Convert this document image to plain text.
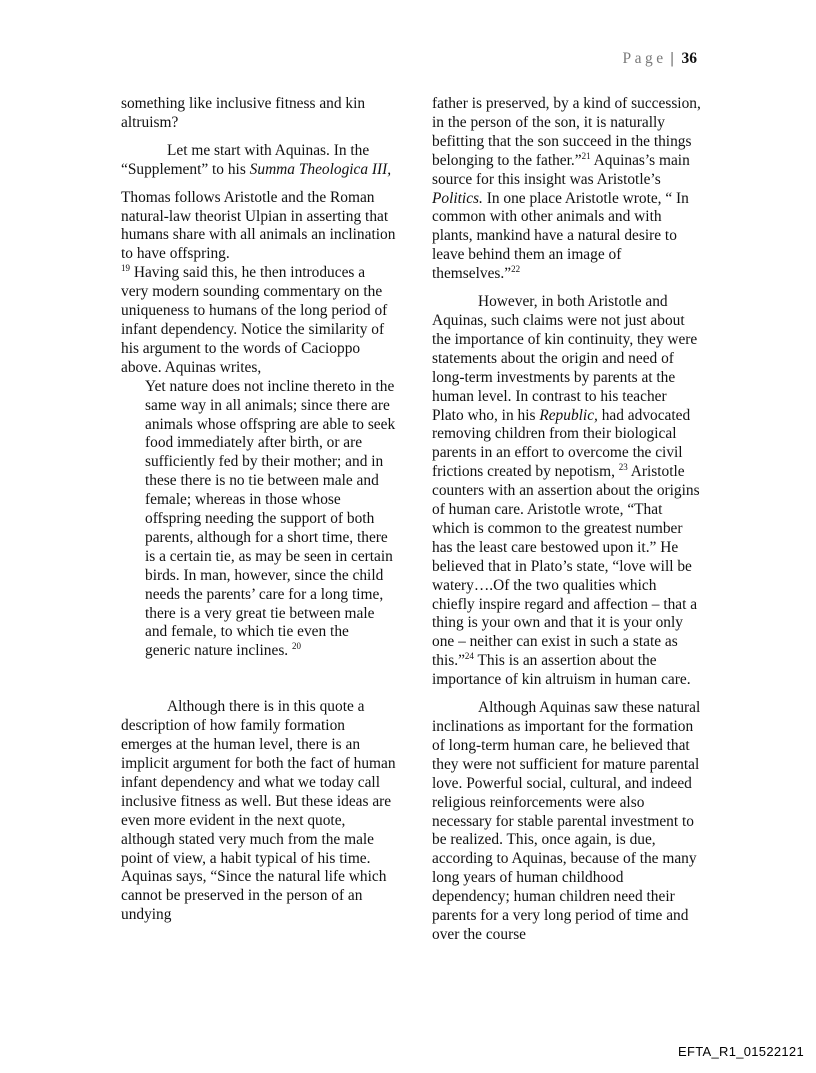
Page | 36

something like inclusive fitness and kin altruism?

Let me start with Aquinas. In the “Supplement” to his Summa Theologica III,

Thomas follows Aristotle and the Roman natural-law theorist Ulpian in asserting that humans share with all animals an inclination to have offspring.
$^{19}$ Having said this, he then introduces a very modern sounding commentary on the uniqueness to humans of the long period of infant dependency. Notice the similarity of his argument to the words of Cacioppo above. Aquinas writes,

Yet nature does not incline thereto in the same way in all animals; since there are animals whose offspring are able to seek food immediately after birth, or are sufficiently fed by their mother; and in these there is no tie between male and female; whereas in those whose offspring needing the support of both parents, although for a short time, there is a certain tie, as may be seen in certain birds. In man, however, since the child needs the parents’ care for a long time, there is a very great tie between male and female, to which tie even the generic nature inclines. $^{20}$

Although there is in this quote a description of how family formation emerges at the human level, there is an implicit argument for both the fact of human infant dependency and what we today call inclusive fitness as well. But these ideas are even more evident in the next quote, although stated very much from the male point of view, a habit typical of his time. Aquinas says, “Since the natural life which cannot be preserved in the person of an undying

father is preserved, by a kind of succession, in the person of the son, it is naturally befitting that the son succeed in the things belonging to the father.”$^{21}$ Aquinas’s main source for this insight was Aristotle’s Politics. In one place Aristotle wrote, “ In common with other animals and with plants, mankind have a natural desire to leave behind them an image of themselves.”$^{22}$

However, in both Aristotle and Aquinas, such claims were not just about the importance of kin continuity, they were statements about the origin and need of long-term investments by parents at the human level. In contrast to his teacher Plato who, in his Republic, had advocated removing children from their biological parents in an effort to overcome the civil frictions created by nepotism, $^{23}$ Aristotle counters with an assertion about the origins of human care. Aristotle wrote, “That which is common to the greatest number has the least care bestowed upon it.” He believed that in Plato’s state, “love will be watery….Of the two qualities which chiefly inspire regard and affection – that a thing is your own and that it is your only one – neither can exist in such a state as this.”$^{24}$ This is an assertion about the importance of kin altruism in human care.

Although Aquinas saw these natural inclinations as important for the formation of long-term human care, he believed that they were not sufficient for mature parental love. Powerful social, cultural, and indeed religious reinforcements were also necessary for stable parental investment to be realized. This, once again, is due, according to Aquinas, because of the many long years of human childhood dependency; human children need their parents for a very long period of time and over the course

EFTA_R1_01522121
